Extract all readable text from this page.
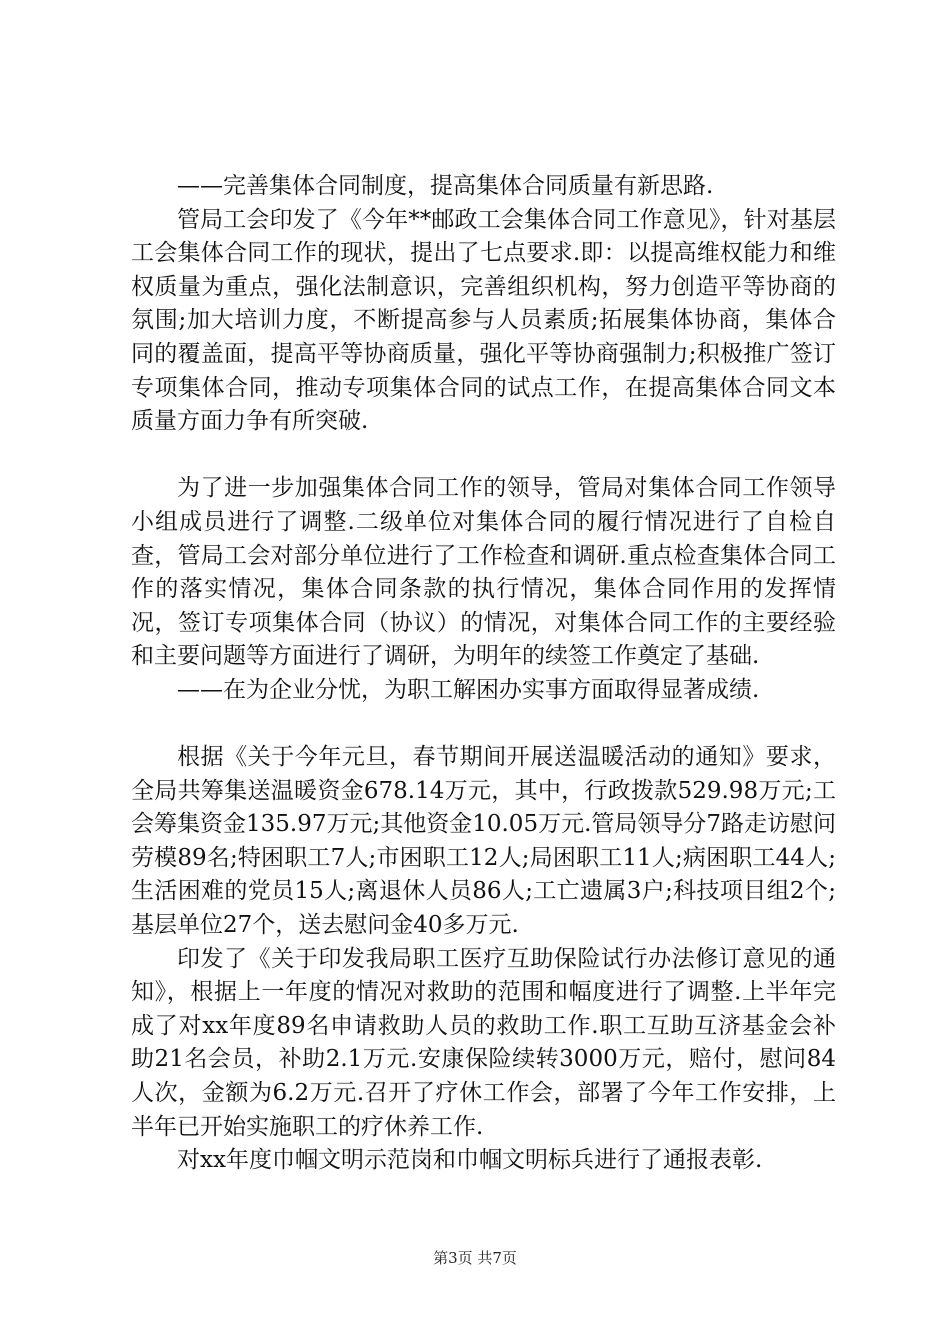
——完善集体合同制度，提高集体合同质量有新思路.

管局工会印发了《今年**邮政工会集体合同工作意见》，针对基层工会集体合同工作的现状，提出了七点要求.即：以提高维权能力和维权质量为重点，强化法制意识，完善组织机构，努力创造平等协商的氛围;加大培训力度，不断提高参与人员素质;拓展集体协商，集体合同的覆盖面，提高平等协商质量，强化平等协商强制力;积极推广签订专项集体合同，推动专项集体合同的试点工作，在提高集体合同文本质量方面力争有所突破.

为了进一步加强集体合同工作的领导，管局对集体合同工作领导小组成员进行了调整.二级单位对集体合同的履行情况进行了自检自查，管局工会对部分单位进行了工作检查和调研.重点检查集体合同工作的落实情况，集体合同条款的执行情况，集体合同作用的发挥情况，签订专项集体合同（协议）的情况，对集体合同工作的主要经验和主要问题等方面进行了调研，为明年的续签工作奠定了基础.

——在为企业分忧，为职工解困办实事方面取得显著成绩.

根据《关于今年元旦，春节期间开展送温暖活动的通知》要求，全局共筹集送温暖资金678.14万元，其中，行政拨款529.98万元;工会筹集资金135.97万元;其他资金10.05万元.管局领导分7路走访慰问劳模89名;特困职工7人;市困职工12人;局困职工11人;病困职工44人;生活困难的党员15人;离退休人员86人;工亡遗属3户;科技项目组2个;基层单位27个，送去慰问金40多万元.

印发了《关于印发我局职工医疗互助保险试行办法修订意见的通知》，根据上一年度的情况对救助的范围和幅度进行了调整.上半年完成了对xx年度89名申请救助人员的救助工作.职工互助互济基金会补助21名会员，补助2.1万元.安康保险续转3000万元，赔付，慰问84人次，金额为6.2万元.召开了疗休工作会，部署了今年工作安排，上半年已开始实施职工的疗休养工作.

对xx年度巾帼文明示范岗和巾帼文明标兵进行了通报表彰.

第3页 共7页
